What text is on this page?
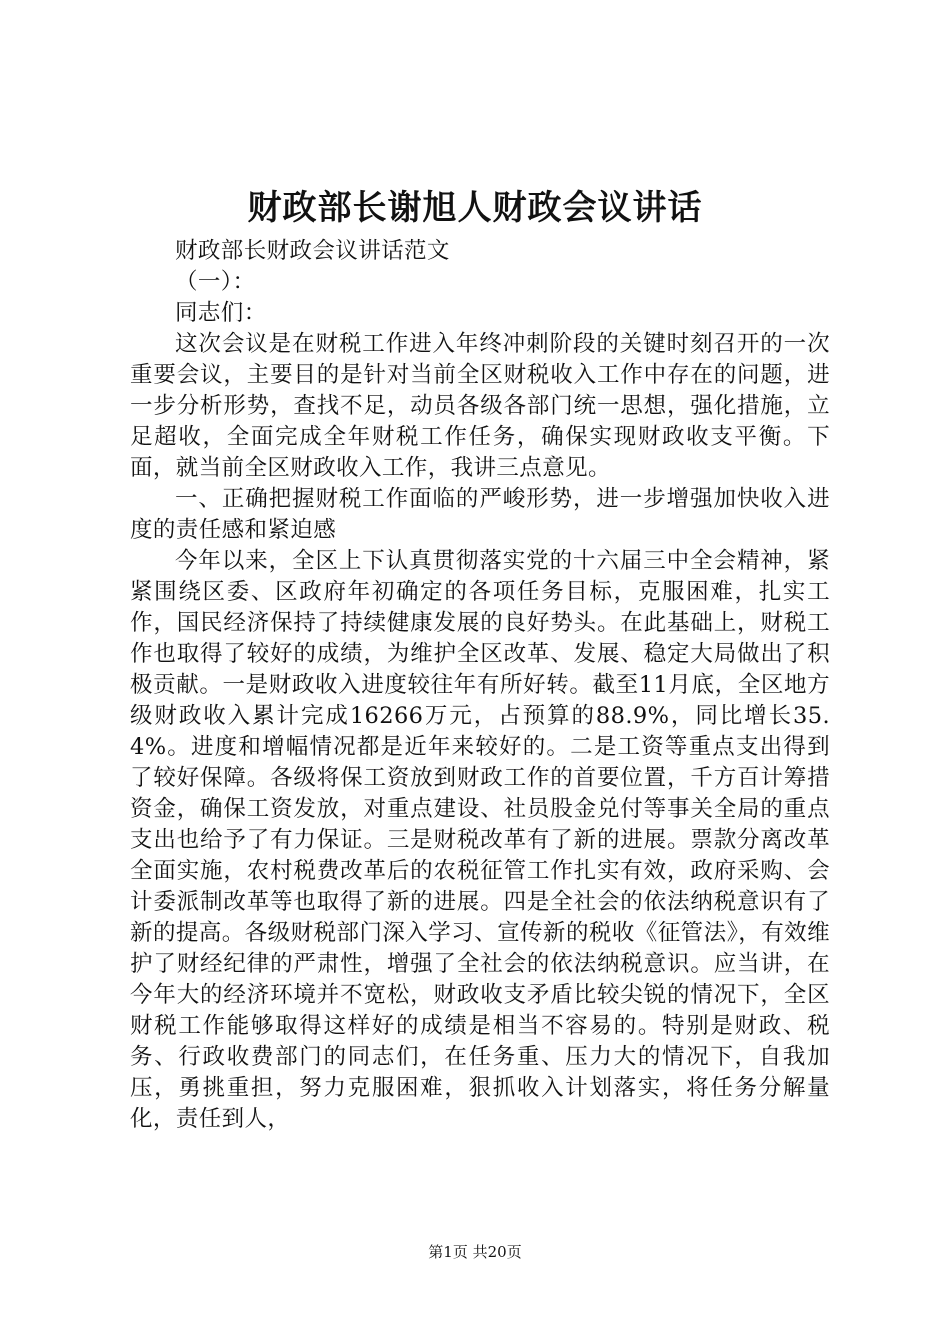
财政部长谢旭人财政会议讲话

财政部长财政会议讲话范文

（一）：

同志们：

这次会议是在财税工作进入年终冲刺阶段的关键时刻召开的一次重要会议，主要目的是针对当前全区财税收入工作中存在的问题，进一步分析形势，查找不足，动员各级各部门统一思想，强化措施，立足超收，全面完成全年财税工作任务，确保实现财政收支平衡。下面，就当前全区财政收入工作，我讲三点意见。

一、正确把握财税工作面临的严峻形势，进一步增强加快收入进度的责任感和紧迫感

今年以来，全区上下认真贯彻落实党的十六届三中全会精神，紧紧围绕区委、区政府年初确定的各项任务目标，克服困难，扎实工作，国民经济保持了持续健康发展的良好势头。在此基础上，财税工作也取得了较好的成绩，为维护全区改革、发展、稳定大局做出了积极贡献。一是财政收入进度较往年有所好转。截至11月底，全区地方级财政收入累计完成16266万元，占预算的88.9%，同比增长35.4%。进度和增幅情况都是近年来较好的。二是工资等重点支出得到了较好保障。各级将保工资放到财政工作的首要位置，千方百计筹措资金，确保工资发放，对重点建设、社员股金兑付等事关全局的重点支出也给予了有力保证。三是财税改革有了新的进展。票款分离改革全面实施，农村税费改革后的农税征管工作扎实有效，政府采购、会计委派制改革等也取得了新的进展。四是全社会的依法纳税意识有了新的提高。各级财税部门深入学习、宣传新的税收《征管法》，有效维护了财经纪律的严肃性，增强了全社会的依法纳税意识。应当讲，在今年大的经济环境并不宽松，财政收支矛盾比较尖锐的情况下，全区财税工作能够取得这样好的成绩是相当不容易的。特别是财政、税务、行政收费部门的同志们，在任务重、压力大的情况下，自我加压，勇挑重担，努力克服困难，狠抓收入计划落实，将任务分解量化，责任到人，

第1页 共20页
